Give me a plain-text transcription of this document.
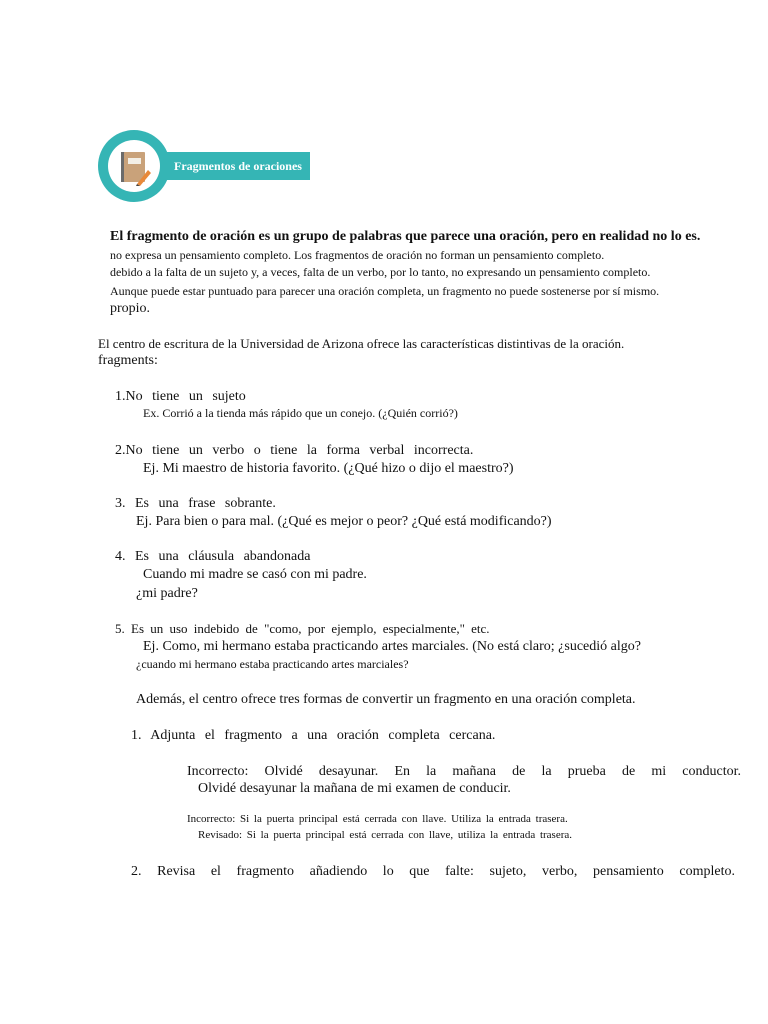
Fragmentos de oraciones
El fragmento de oración es un grupo de palabras que parece una oración, pero en realidad no lo es.
no expresa un pensamiento completo. Los fragmentos de oración no forman un pensamiento completo.
debido a la falta de un sujeto y, a veces, falta de un verbo, por lo tanto, no expresando un pensamiento completo.
Aunque puede estar puntuado para parecer una oración completa, un fragmento no puede sostenerse por sí mismo.
propio.
El centro de escritura de la Universidad de Arizona ofrece las características distintivas de la oración.
fragments:
1.No tiene un sujeto
Ex. Corrió a la tienda más rápido que un conejo. (¿Quién corrió?)
2.No tiene un verbo o tiene la forma verbal incorrecta.
Ej. Mi maestro de historia favorito. (¿Qué hizo o dijo el maestro?)
3. Es una frase sobrante.
Ej. Para bien o para mal. (¿Qué es mejor o peor? ¿Qué está modificando?)
4. Es una cláusula abandonada
Cuando mi madre se casó con mi padre.
¿mi padre?
5. Es un uso indebido de "como, por ejemplo, especialmente," etc.
Ej. Como, mi hermano estaba practicando artes marciales. (No está claro; ¿sucedió algo?
¿cuando mi hermano estaba practicando artes marciales?
Además, el centro ofrece tres formas de convertir un fragmento en una oración completa.
1. Adjunta el fragmento a una oración completa cercana.
Incorrecto: Olvidé desayunar. En la mañana de la prueba de mi conductor.
Olvidé desayunar la mañana de mi examen de conducir.
Incorrecto: Si la puerta principal está cerrada con llave. Utiliza la entrada trasera.
Revisado: Si la puerta principal está cerrada con llave, utiliza la entrada trasera.
2. Revisa el fragmento añadiendo lo que falte: sujeto, verbo, pensamiento completo.
